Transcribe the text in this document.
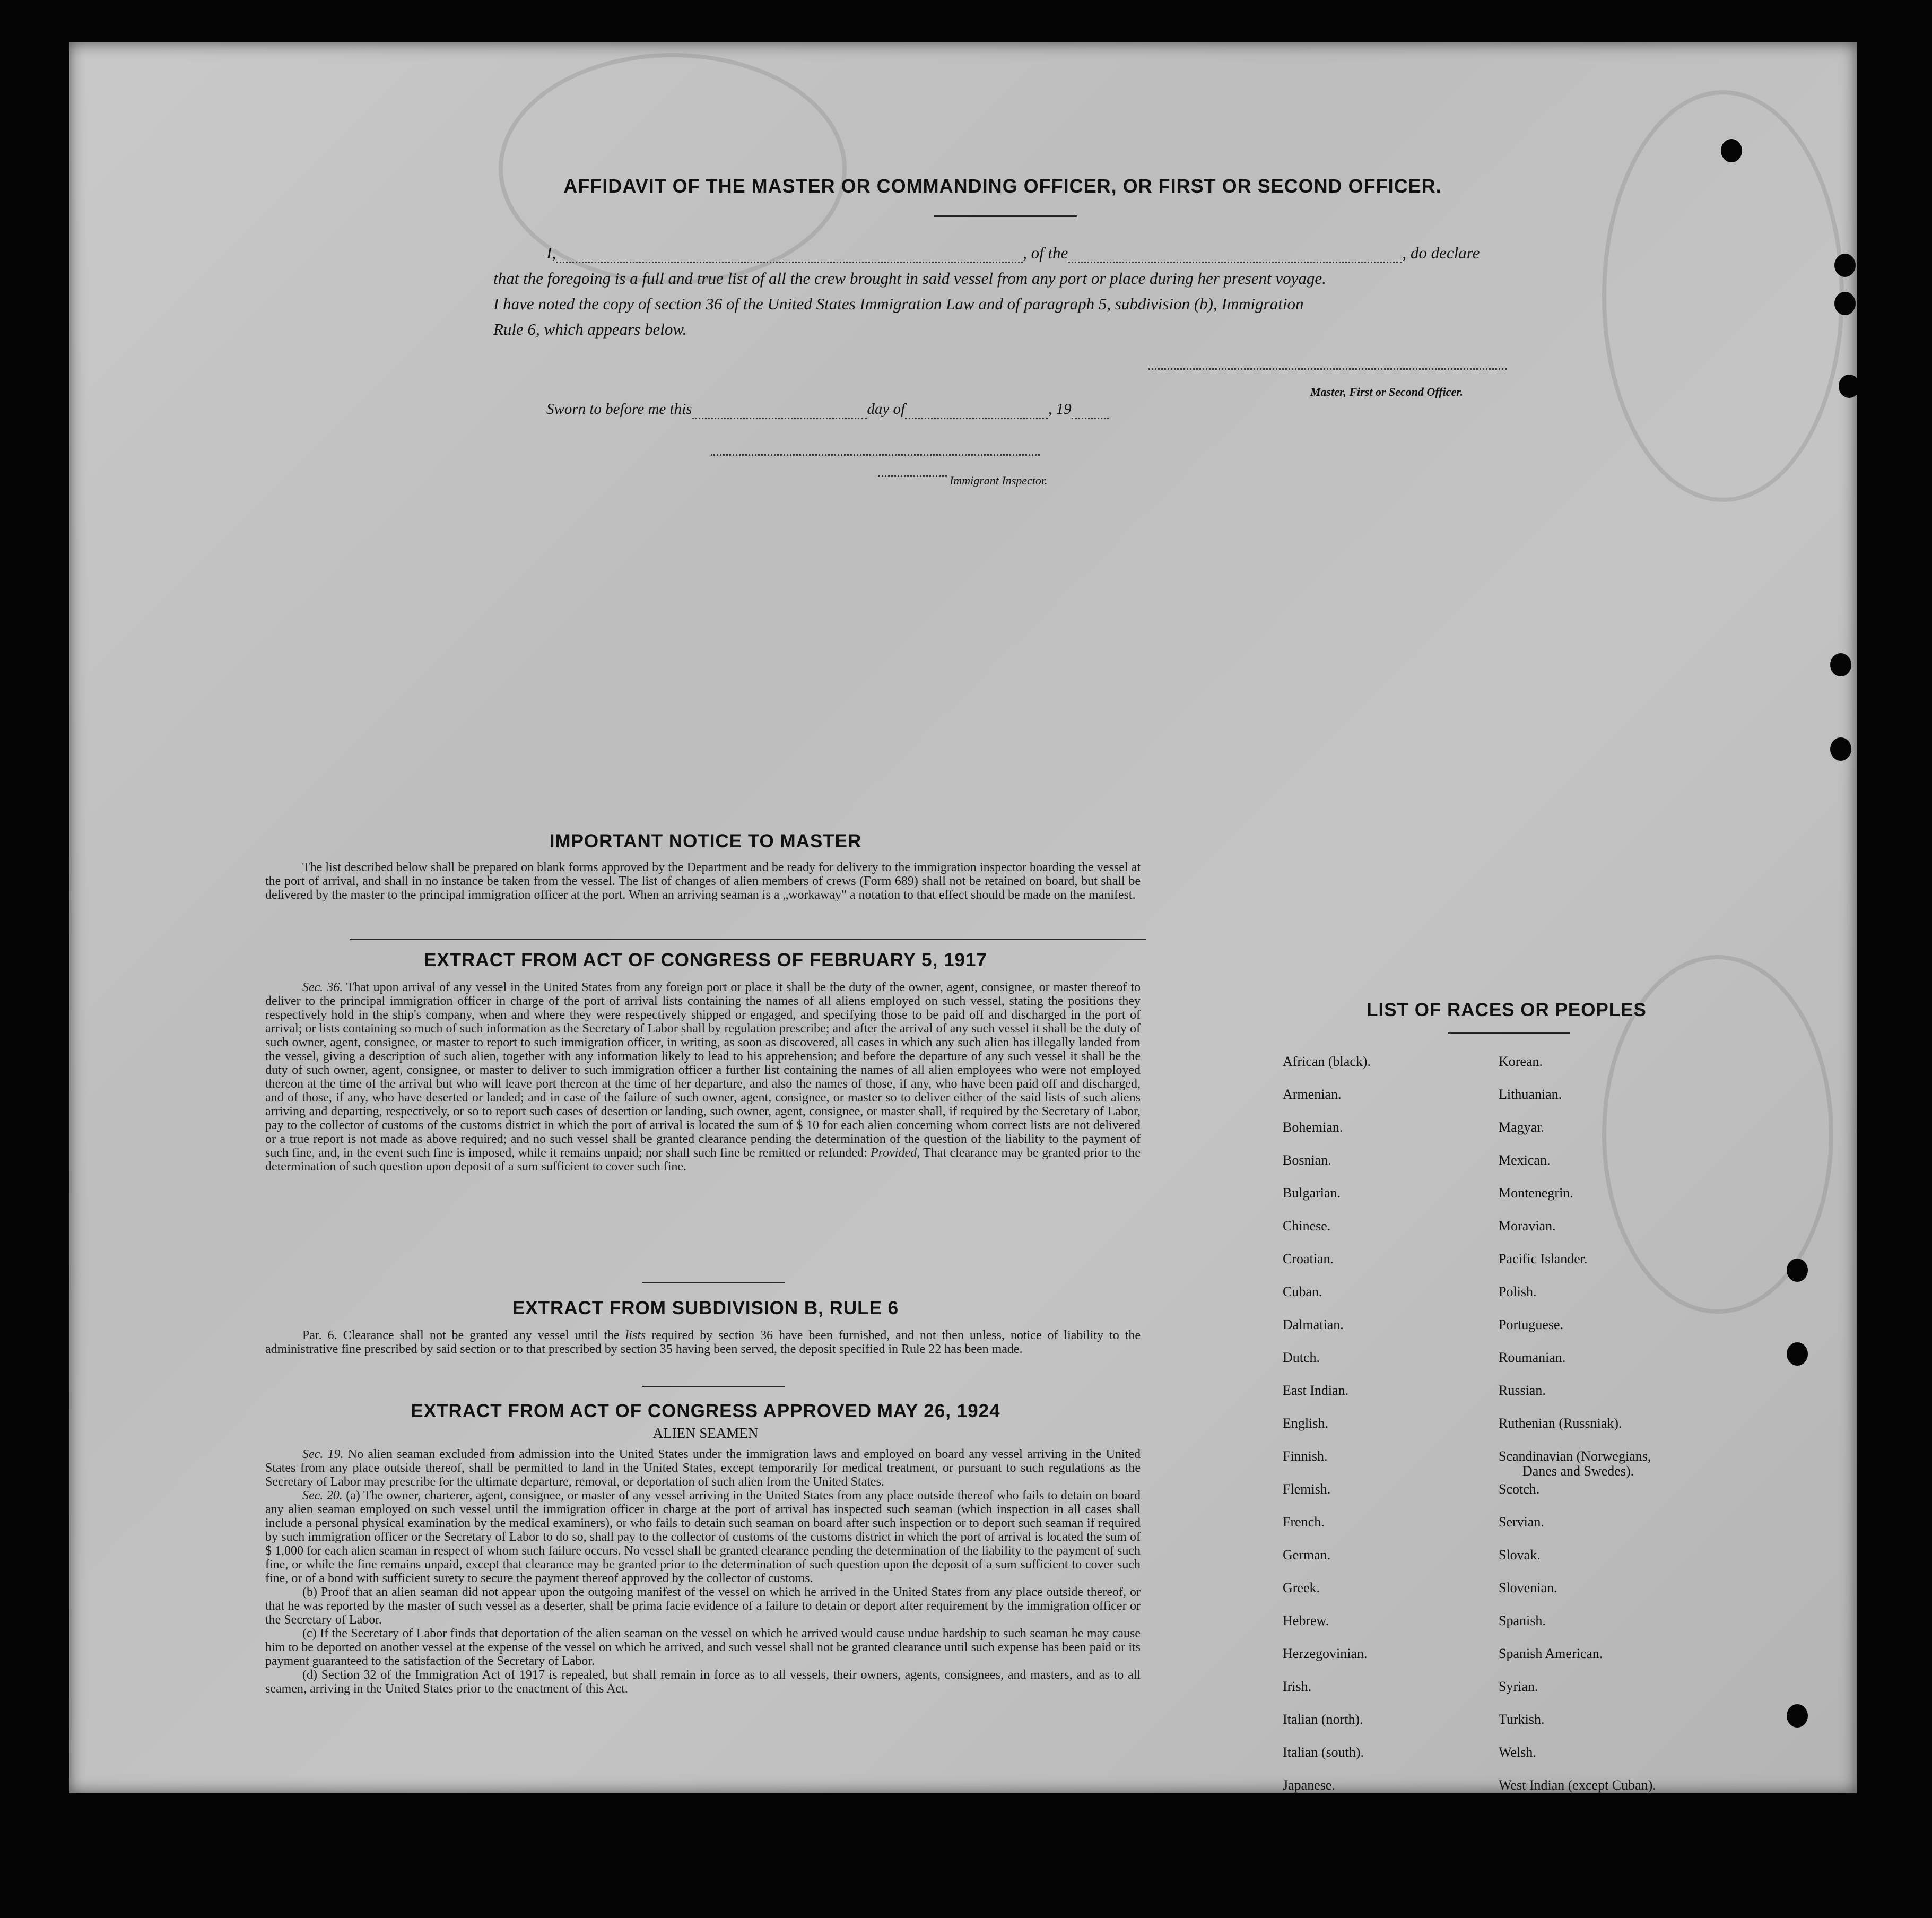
AFFIDAVIT OF THE MASTER OR COMMANDING OFFICER, OR FIRST OR SECOND OFFICER.
I,	, of the	, do declare
that the foregoing is a full and true list of all the crew brought in said vessel from any port or place during her present voyage.
I have noted the copy of section 36 of the United States Immigration Law and of paragraph 5, subdivision (b), Immigration
Rule 6, which appears below.
Master, First or Second Officer.
Sworn to before me this	day of	, 19
Immigrant Inspector.
IMPORTANT NOTICE TO MASTER

The list described below shall be prepared on blank forms approved by the Department and be ready for delivery to the immigration inspector boarding the vessel at the port of arrival, and shall in no instance be taken from the vessel. The list of changes of alien members of crews (Form 689) shall not be retained on board, but shall be delivered by the master to the principal immigration officer at the port. When an arriving seaman is a „workaway" a notation to that effect should be made on the manifest.

EXTRACT FROM ACT OF CONGRESS OF FEBRUARY 5, 1917

Sec. 36. That upon arrival of any vessel in the United States from any foreign port or place it shall be the duty of the owner, agent, consignee, or master thereof to deliver to the principal immigration officer in charge of the port of arrival lists containing the names of all aliens employed on such vessel, stating the positions they respectively hold in the ship's company, when and where they were respectively shipped or engaged, and specifying those to be paid off and discharged in the port of arrival; or lists containing so much of such information as the Secretary of Labor shall by regulation prescribe; and after the arrival of any such vessel it shall be the duty of such owner, agent, consignee, or master to report to such immigration officer, in writing, as soon as discovered, all cases in which any such alien has illegally landed from the vessel, giving a description of such alien, together with any information likely to lead to his apprehension; and before the departure of any such vessel it shall be the duty of such owner, agent, consignee, or master to deliver to such immigration officer a further list containing the names of all alien employees who were not employed thereon at the time of the arrival but who will leave port thereon at the time of her departure, and also the names of those, if any, who have been paid off and discharged, and of those, if any, who have deserted or landed; and in case of the failure of such owner, agent, consignee, or master so to deliver either of the said lists of such aliens arriving and departing, respectively, or so to report such cases of desertion or landing, such owner, agent, consignee, or master shall, if required by the Secretary of Labor, pay to the collector of customs of the customs district in which the port of arrival is located the sum of $ 10 for each alien concerning whom correct lists are not delivered or a true report is not made as above required; and no such vessel shall be granted clearance pending the determination of the question of the liability to the payment of such fine, and, in the event such fine is imposed, while it remains unpaid; nor shall such fine be remitted or refunded: Provided, That clearance may be granted prior to the determination of such question upon deposit of a sum sufficient to cover such fine.

EXTRACT FROM SUBDIVISION B, RULE 6

Par. 6. Clearance shall not be granted any vessel until the lists required by section 36 have been furnished, and not then unless, notice of liability to the administrative fine prescribed by said section or to that prescribed by section 35 having been served, the deposit specified in Rule 22 has been made.

EXTRACT FROM ACT OF CONGRESS APPROVED MAY 26, 1924
ALIEN SEAMEN

Sec. 19. No alien seaman excluded from admission into the United States under the immigration laws and employed on board any vessel arriving in the United States from any place outside thereof, shall be permitted to land in the United States, except temporarily for medical treatment, or pursuant to such regulations as the Secretary of Labor may prescribe for the ultimate departure, removal, or deportation of such alien from the United States.

Sec. 20. (a) The owner, charterer, agent, consignee, or master of any vessel arriving in the United States from any place outside thereof who fails to detain on board any alien seaman employed on such vessel until the immigration officer in charge at the port of arrival has inspected such seaman (which inspection in all cases shall include a personal physical examination by the medical examiners), or who fails to detain such seaman on board after such inspection or to deport such seaman if required by such immigration officer or the Secretary of Labor to do so, shall pay to the collector of customs of the customs district in which the port of arrival is located the sum of $ 1,000 for each alien seaman in respect of whom such failure occurs. No vessel shall be granted clearance pending the determination of the liability to the payment of such fine, or while the fine remains unpaid, except that clearance may be granted prior to the determination of such question upon the deposit of a sum sufficient to cover such fine, or of a bond with sufficient surety to secure the payment thereof approved by the collector of customs.

(b) Proof that an alien seaman did not appear upon the outgoing manifest of the vessel on which he arrived in the United States from any place outside thereof, or that he was reported by the master of such vessel as a deserter, shall be prima facie evidence of a failure to detain or deport after requirement by the immigration officer or the Secretary of Labor.

(c) If the Secretary of Labor finds that deportation of the alien seaman on the vessel on which he arrived would cause undue hardship to such seaman he may cause him to be deported on another vessel at the expense of the vessel on which he arrived, and such vessel shall not be granted clearance until such expense has been paid or its payment guaranteed to the satisfaction of the Secretary of Labor.

(d) Section 32 of the Immigration Act of 1917 is repealed, but shall remain in force as to all vessels, their owners, agents, consignees, and masters, and as to all seamen, arriving in the United States prior to the enactment of this Act.

LIST OF RACES OR PEOPLES
African (black).
Armenian.
Bohemian.
Bosnian.
Bulgarian.
Chinese.
Croatian.
Cuban.
Dalmatian.
Dutch.
East Indian.
English.
Finnish.
Flemish.
French.
German.
Greek.
Hebrew.
Herzegovinian.
Irish.
Italian (north).
Italian (south).
Japanese.
Korean.
Lithuanian.
Magyar.
Mexican.
Montenegrin.
Moravian.
Pacific Islander.
Polish.
Portuguese.
Roumanian.
Russian.
Ruthenian (Russniak).
Scandinavian (Norwegians,
Danes and Swedes).
Scotch.
Servian.
Slovak.
Slovenian.
Spanish.
Spanish American.
Syrian.
Turkish.
Welsh.
West Indian (except Cuban).
